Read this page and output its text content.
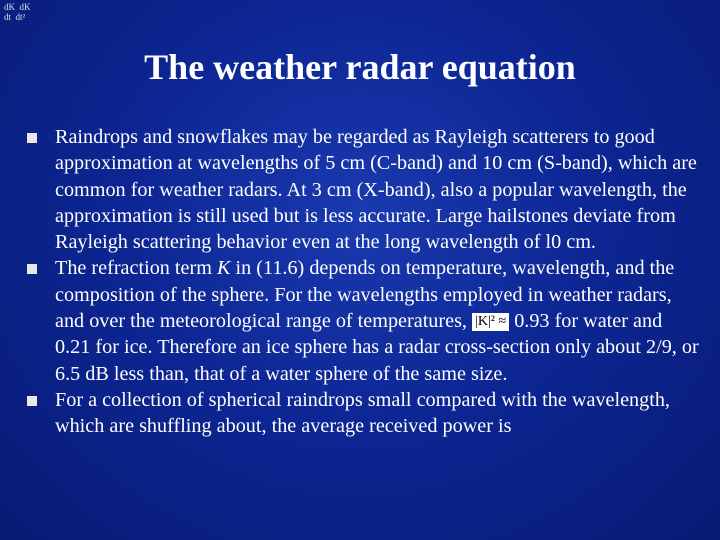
dK  dK
dt  dt²
The weather radar equation
Raindrops and snowflakes may be regarded as Rayleigh scatterers to good approximation at wavelengths of 5 cm (C-band) and 10 cm (S-band), which are common for weather radars. At 3 cm (X-band), also a popular wavelength, the approximation is still used but is less accurate. Large hailstones deviate from Rayleigh scattering behavior even at the long wavelength of l0 cm.
The refraction term K in (11.6) depends on temperature, wavelength, and the composition of the sphere. For the wavelengths employed in weather radars, and over the meteorological range of temperatures, |K|² ≈ 0.93 for water and 0.21 for ice. Therefore an ice sphere has a radar cross-section only about 2/9, or 6.5 dB less than, that of a water sphere of the same size.
For a collection of spherical raindrops small compared with the wavelength, which are shuffling about, the average received power is
